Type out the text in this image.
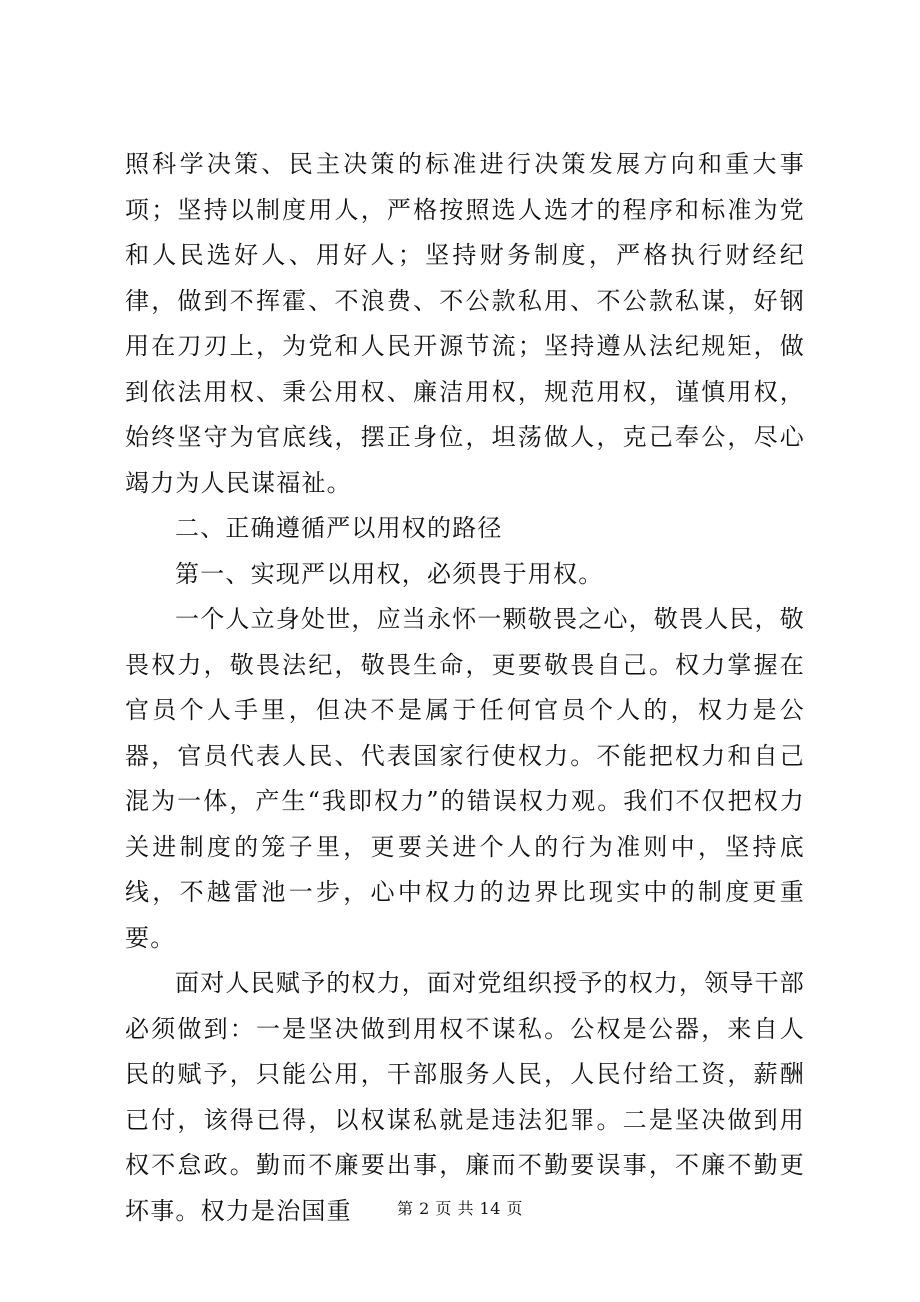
照科学决策、民主决策的标准进行决策发展方向和重大事项；坚持以制度用人，严格按照选人选才的程序和标准为党和人民选好人、用好人；坚持财务制度，严格执行财经纪律，做到不挥霍、不浪费、不公款私用、不公款私谋，好钢用在刀刃上，为党和人民开源节流；坚持遵从法纪规矩，做到依法用权、秉公用权、廉洁用权，规范用权，谨慎用权，始终坚守为官底线，摆正身位，坦荡做人，克己奉公，尽心竭力为人民谋福祉。

二、正确遵循严以用权的路径

第一、实现严以用权，必须畏于用权。

一个人立身处世，应当永怀一颗敬畏之心，敬畏人民，敬畏权力，敬畏法纪，敬畏生命，更要敬畏自己。权力掌握在官员个人手里，但决不是属于任何官员个人的，权力是公器，官员代表人民、代表国家行使权力。不能把权力和自己混为一体，产生“我即权力”的错误权力观。我们不仅把权力关进制度的笼子里，更要关进个人的行为准则中，坚持底线，不越雷池一步，心中权力的边界比现实中的制度更重要。

面对人民赋予的权力，面对党组织授予的权力，领导干部必须做到：一是坚决做到用权不谋私。公权是公器，来自人民的赋予，只能公用，干部服务人民，人民付给工资，薪酬已付，该得已得，以权谋私就是违法犯罪。二是坚决做到用权不怠政。勤而不廉要出事，廉而不勤要误事，不廉不勤更坏事。权力是治国重	第 2 页 共 14 页
